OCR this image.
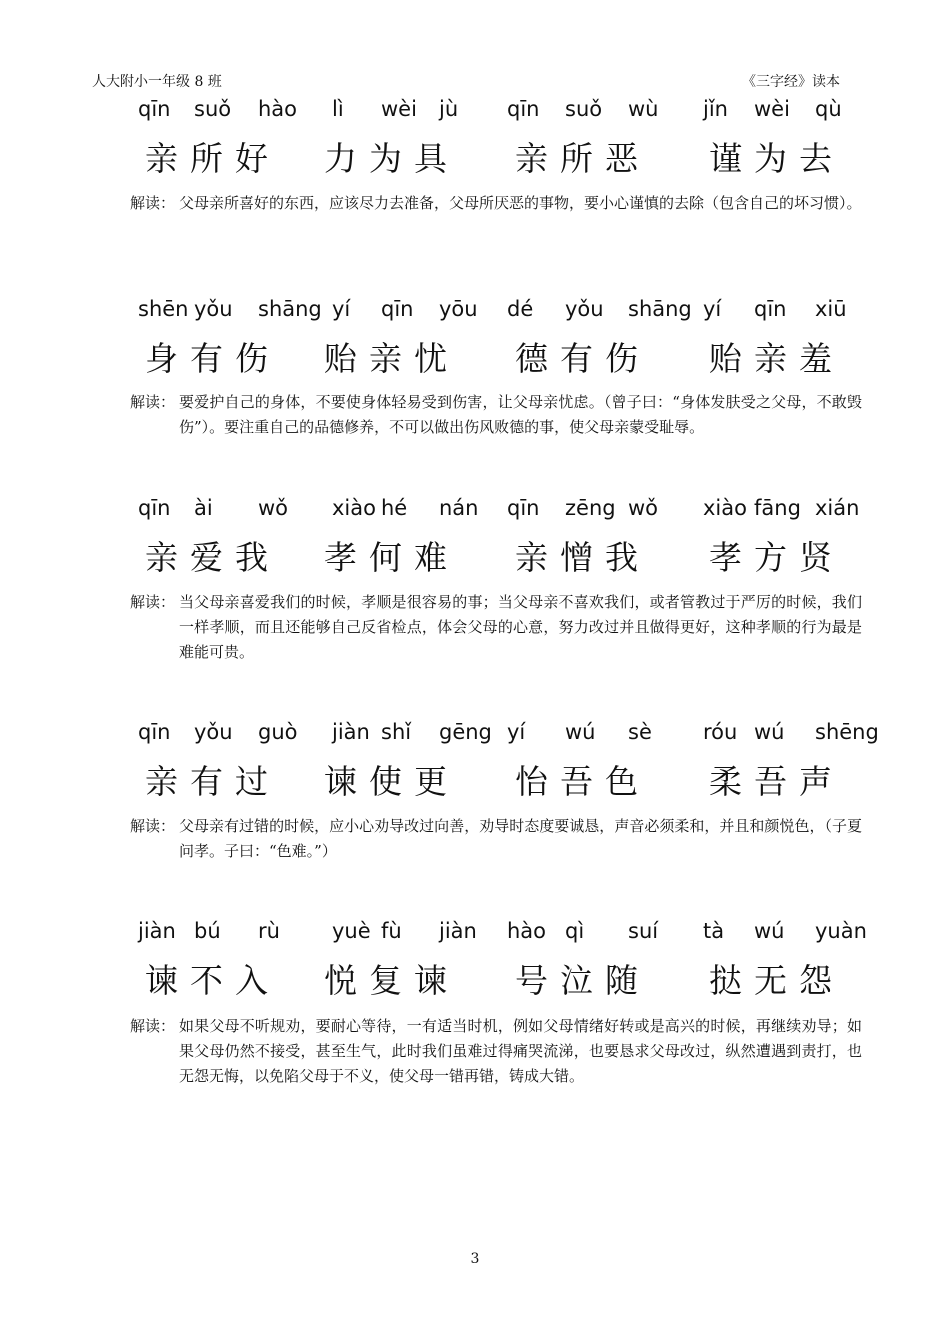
人大附小一年级 8 班	《三字经》读本
qīn suǒ hào lì wèi jù qīn suǒ wù jǐn wèi qù
亲所好 力为具 亲所恶 谨为去
解读： 父母亲所喜好的东西，应该尽力去准备，父母所厌恶的事物，要小心谨慎的去除（包含自己的坏习惯）。
shēn yǒu shāng yí qīn yōu dé yǒu shāng yí qīn xiū
身有伤 贻亲忧 德有伤 贻亲羞
解读： 要爱护自己的身体，不要使身体轻易受到伤害，让父母亲忧虑。（曾子曰：“身体发肤受之父母，不敢毁伤”）。要注重自己的品德修养，不可以做出伤风败德的事，使父母亲蒙受耻辱。
qīn ài wǒ xiào hé nán qīn zēng wǒ xiào fāng xián
亲爱我 孝何难 亲憎我 孝方贤
解读： 当父母亲喜爱我们的时候，孝顺是很容易的事；当父母亲不喜欢我们，或者管教过于严厉的时候，我们一样孝顺，而且还能够自己反省检点，体会父母的心意，努力改过并且做得更好，这种孝顺的行为最是难能可贵。
qīn yǒu guò jiàn shǐ gēng yí wú sè róu wú shēng
亲有过 谏使更 怡吾色 柔吾声
解读： 父母亲有过错的时候，应小心劝导改过向善，劝导时态度要诚恳，声音必须柔和，并且和颜悦色，（子夏问孝。子曰：“色难。”）
jiàn bú rù yuè fù jiàn hào qì suí tà wú yuàn
谏不入 悦复谏 号泣随 挞无怨
解读： 如果父母不听规劝，要耐心等待，一有适当时机，例如父母情绪好转或是高兴的时候，再继续劝导；如果父母仍然不接受，甚至生气，此时我们虽难过得痛哭流涕，也要恳求父母改过，纵然遭遇到责打，也无怨无悔，以免陷父母于不义，使父母一错再错，铸成大错。
3
